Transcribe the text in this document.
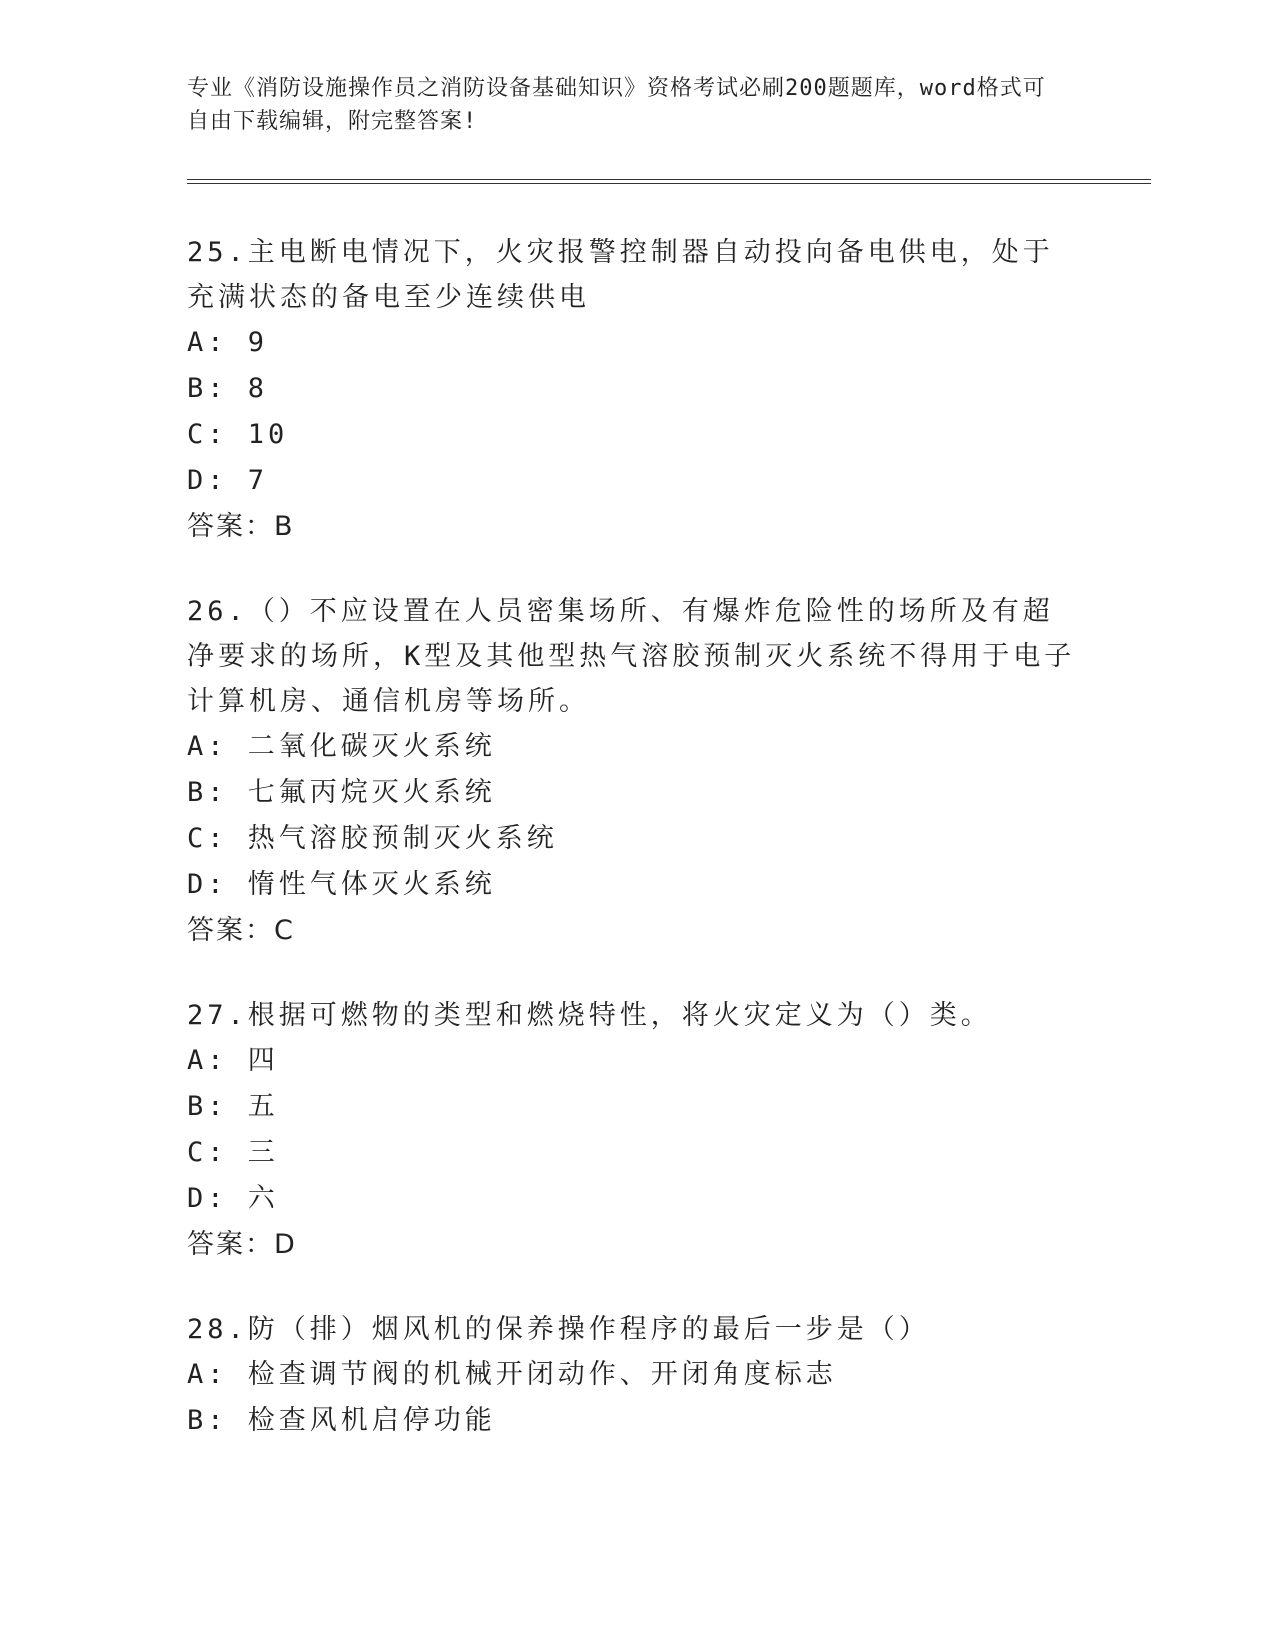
专业《消防设施操作员之消防设备基础知识》资格考试必刷200题题库，word格式可自由下载编辑，附完整答案!

25.主电断电情况下，火灾报警控制器自动投向备电供电，处于充满状态的备电至少连续供电

A: 9

B: 8

C: 10

D: 7

答案：B

26.（）不应设置在人员密集场所、有爆炸危险性的场所及有超净要求的场所，K型及其他型热气溶胶预制灭火系统不得用于电子计算机房、通信机房等场所。

A: 二氧化碳灭火系统

B: 七氟丙烷灭火系统

C: 热气溶胶预制灭火系统

D: 惰性气体灭火系统

答案：C

27.根据可燃物的类型和燃烧特性，将火灾定义为（）类。

A: 四

B: 五

C: 三

D: 六

答案：D

28.防（排）烟风机的保养操作程序的最后一步是（）

A: 检查调节阀的机械开闭动作、开闭角度标志

B: 检查风机启停功能
